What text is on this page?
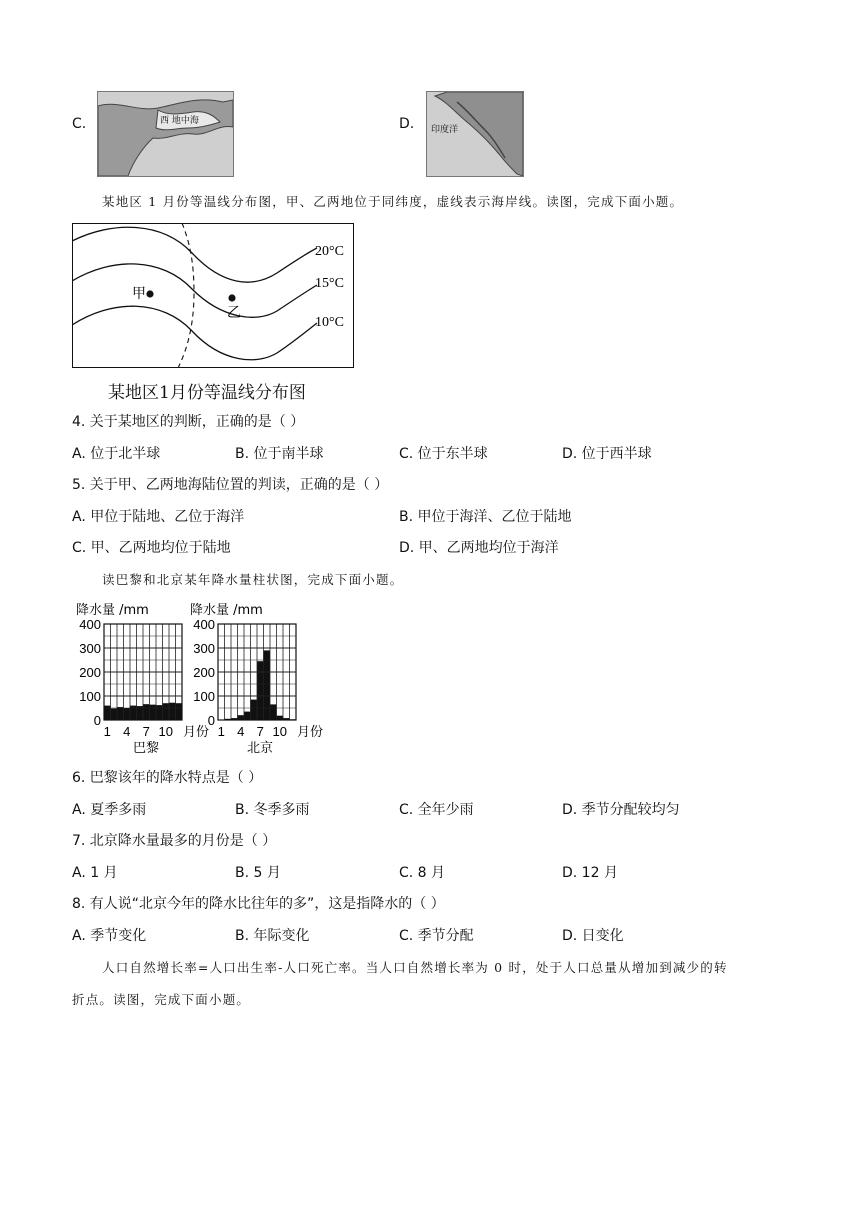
C.	西 地中海	D. 印度洋
某地区 1 月份等温线分布图，甲、乙两地位于同纬度，虚线表示海岸线。读图，完成下面小题。
20°C
15°C
10°C
甲
乙
某地区1月份等温线分布图
4. 关于某地区的判断，正确的是（ ）
A. 位于北半球	B. 位于南半球	C. 位于东半球	D. 位于西半球
5. 关于甲、乙两地海陆位置的判读，正确的是（ ）
A. 甲位于陆地、乙位于海洋	B. 甲位于海洋、乙位于陆地
C. 甲、乙两地均位于陆地	D. 甲、乙两地均位于海洋
读巴黎和北京某年降水量柱状图，完成下面小题。
降水量 /mm
400
300
200
100
0
1 4 7 10 月份
巴黎
降水量 /mm
400
300
200
100
0
1 4 7 10 月份
北京
6. 巴黎该年的降水特点是（ ）
A. 夏季多雨	B. 冬季多雨	C. 全年少雨	D. 季节分配较均匀
7. 北京降水量最多的月份是（ ）
A. 1 月	B. 5 月	C. 8 月	D. 12 月
8. 有人说“北京今年的降水比往年的多”，这是指降水的（ ）
A. 季节变化	B. 年际变化	C. 季节分配	D. 日变化
人口自然增长率=人口出生率-人口死亡率。当人口自然增长率为 0 时，处于人口总量从增加到减少的转
折点。读图，完成下面小题。
